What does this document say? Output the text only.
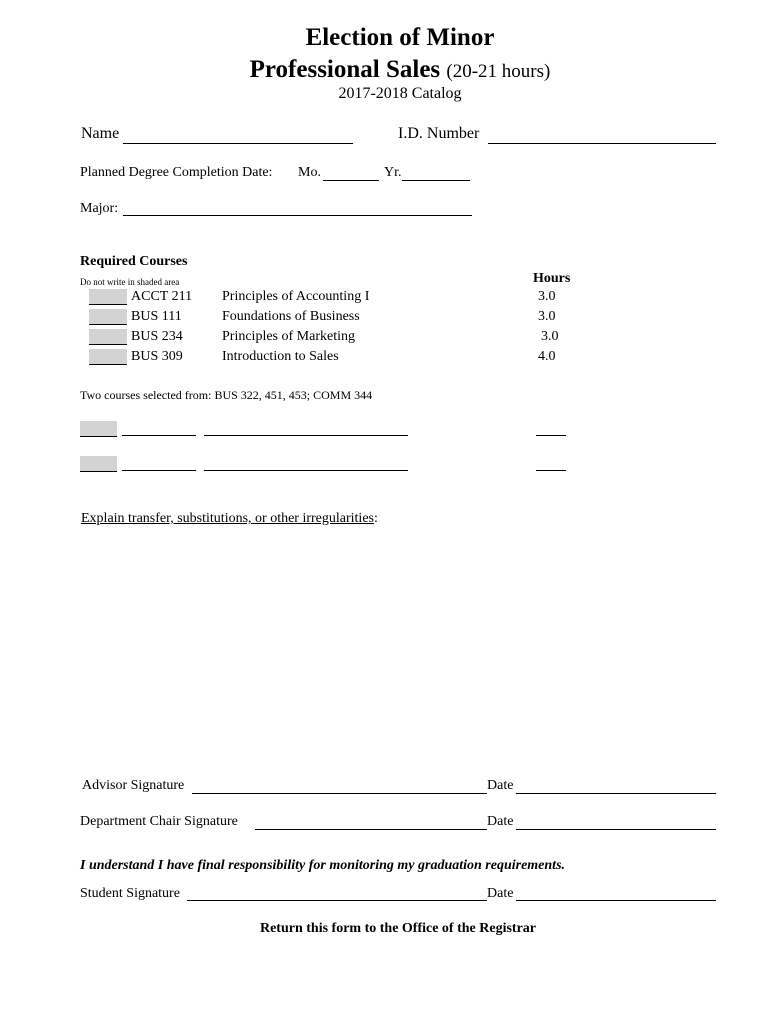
Election of Minor
Professional Sales (20-21 hours)
2017-2018 Catalog
Name	I.D. Number
Planned Degree Completion Date: Mo.	Yr.
Major:
Required Courses
Do not write in shaded area	Hours
ACCT 211 Principles of Accounting I	3.0
BUS 111	Foundations of Business	3.0
BUS 234	Principles of Marketing	3.0
BUS 309	Introduction to Sales	4.0
Two courses selected from: BUS 322, 451, 453; COMM 344
Explain transfer, substitutions, or other irregularities:
Advisor Signature	Date
Department Chair Signature	Date
I understand I have final responsibility for monitoring my graduation requirements.
Student Signature	Date
Return this form to the Office of the Registrar
